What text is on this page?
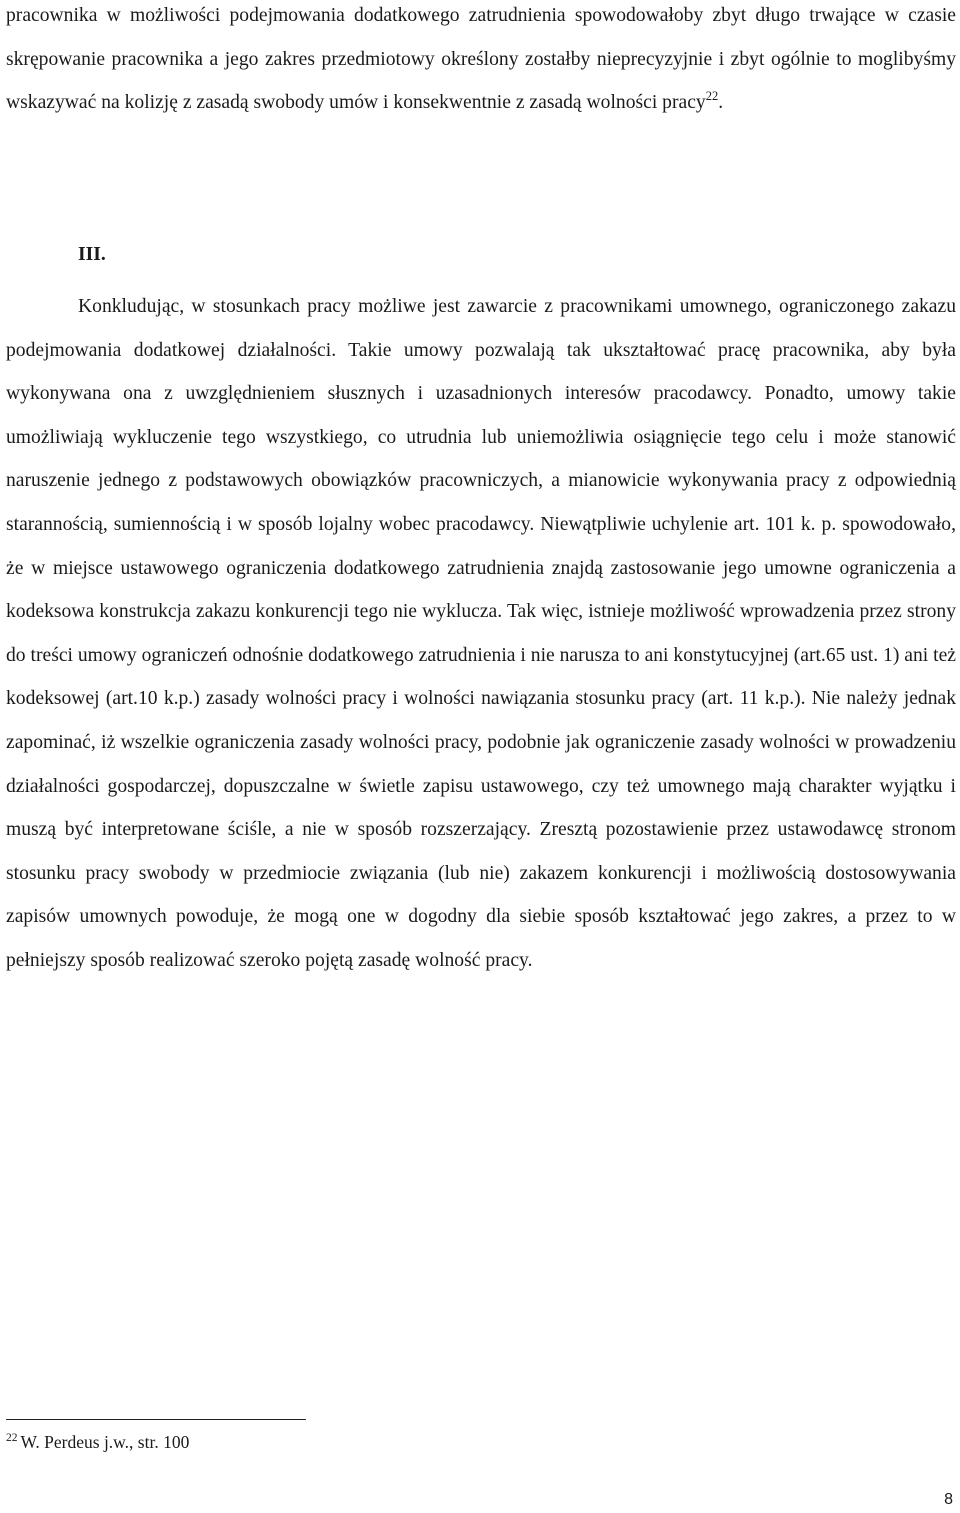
pracownika w możliwości podejmowania dodatkowego zatrudnienia spowodowałoby zbyt długo trwające w czasie skrępowanie pracownika a jego zakres przedmiotowy określony zostałby nieprecyzyjnie i zbyt ogólnie to moglibyśmy wskazywać na kolizję z zasadą swobody umów i konsekwentnie z zasadą wolności pracy$^{22}$.

III.

Konkludując, w stosunkach pracy możliwe jest zawarcie z pracownikami umownego, ograniczonego zakazu podejmowania dodatkowej działalności. Takie umowy pozwalają tak ukształtować pracę pracownika, aby była wykonywana ona z uwzględnieniem słusznych i uzasadnionych interesów pracodawcy. Ponadto, umowy takie umożliwiają wykluczenie tego wszystkiego, co utrudnia lub uniemożliwia osiągnięcie tego celu i może stanowić naruszenie jednego z podstawowych obowiązków pracowniczych, a mianowicie wykonywania pracy z odpowiednią starannością, sumiennością i w sposób lojalny wobec pracodawcy. Niewątpliwie uchylenie art. 101 k. p. spowodowało, że w miejsce ustawowego ograniczenia dodatkowego zatrudnienia znajdą zastosowanie jego umowne ograniczenia a kodeksowa konstrukcja zakazu konkurencji tego nie wyklucza. Tak więc, istnieje możliwość wprowadzenia przez strony do treści umowy ograniczeń odnośnie dodatkowego zatrudnienia i nie narusza to ani konstytucyjnej (art.65 ust. 1) ani też kodeksowej (art.10 k.p.) zasady wolności pracy i wolności nawiązania stosunku pracy (art. 11 k.p.). Nie należy jednak zapominać, iż wszelkie ograniczenia zasady wolności pracy, podobnie jak ograniczenie zasady wolności w prowadzeniu działalności gospodarczej, dopuszczalne w świetle zapisu ustawowego, czy też umownego mają charakter wyjątku i muszą być interpretowane ściśle, a nie w sposób rozszerzający. Zresztą pozostawienie przez ustawodawcę stronom stosunku pracy swobody w przedmiocie związania (lub nie) zakazem konkurencji i możliwością dostosowywania zapisów umownych powoduje, że mogą one w dogodny dla siebie sposób kształtować jego zakres, a przez to w pełniejszy sposób realizować szeroko pojętą zasadę wolność pracy.

$^{22}$ W. Perdeus j.w., str. 100

8
